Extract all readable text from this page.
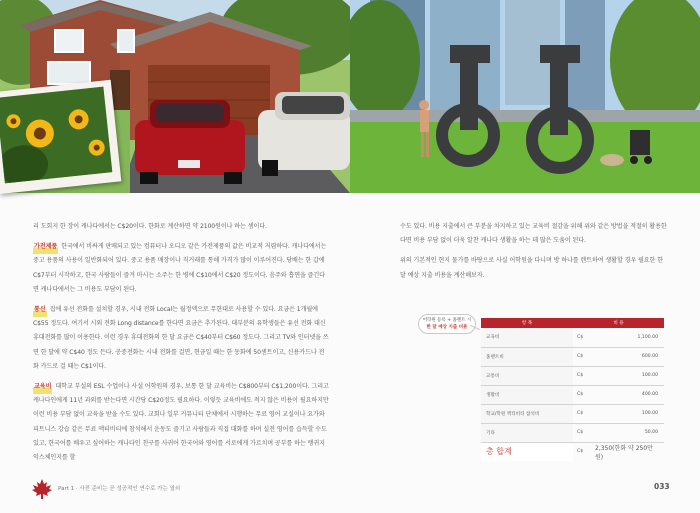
리 도회지 한 장이 캐나다에서는 C$20이다. 한화로 계산하면 약 2100원이나 하는 셈이다.

가전제품 한국에서 비싸게 판매되고 있는 컴퓨터나 오디오 같은 가전제품의 값은 비교적 저렴하다. 캐나다에서는 중고 용품의 사용이 일반화되어 있다. 중고 용품 매장이나 직거래를 통해 가격가 많이 이루어진다. 당배는 한 갑에 C$7부터 시작하고, 한국 사람들이 즐겨 마시는 소주는 한 병에 C$10에서 C$20 정도이다. 음주와 흡연을 즐긴다면 캐나다에서는 그 비용도 부담이 된다.

통신 집에 유선 전화를 설치할 경우, 시내 전화 Local는 월정액으로 무한대로 사용할 수 있다. 요금은 1개월에 C$55 정도다. 여기서 시외 전화 Long distance를 한다면 요금은 추가된다. 대부분의 유학생들은 유선 전화 대신 휴대전화를 많이 이용한다. 이런 경우 휴대전화의 한 달 요금은 C$40부터 C$60 정도다. 그리고 TV와 인터넷을 쓰면 한 달에 약 C$40 정도 든다. 공중전화는 시내 전화를 걸면, 현금일 때는 한 동화에 50센트이고, 신용카드나 전화 카드로 걸 때는 C$1이다.

교육비 대학교 부설의 ESL 수업이나 사설 어학원의 경우, 보통 한 달 교육비는 C$800부터 C$1,200이다. 그리고 캐나다인에게 11년 과외를 받는다면 시간당 C$20정도 필요하다. 이렇듯 교육비에도 적지 않은 비용이 필요하지만 이런 비용 부담 없이 교육을 받을 수도 있다. 교회나 일부 커뮤니티 단체에서 시행하는 무료 영어 교실이나 요가와 피트니스 강습 같은 무료 액티비티에 참석해서 운동도 즐기고 사람들과 직접 대화를 하며 실전 영어를 습득할 수도 있고, 한국어를 배우고 싶어하는 캐나다인 친구를 사귀어 한국어와 영어를 서로에게 가르치며 공부를 하는 랭귀지 익스체인지를 할

수도 있다. 비용 지출에서 큰 부분을 차지하고 있는 교육비 절감을 위해 위와 같은 방법을 적절히 활용한다면 비용 부담 없이 더욱 알찬 캐나다 생활을 하는 데 많은 도움이 된다.

위의 기본적인 현지 물가를 바탕으로 사실 어학원을 다니며 방 하나를 렌트하여 생활할 경우 필요한 한 달 예상 지출 비용을 계산해보자.

어학원 등록 + 홈렌트 시
한 달 예상 지출 비용
항 목	비 용	
교육비	C$	1,100.00
홈렌트비	C$	600.00
교통비	C$	100.00
생활비	C$	400.00
학교/학원 액티비티 참석비	C$	100.00
기타	C$	50.00
총 합계	C$	2,350(한화 약 250만원)
Part 1 · 사전 준비는 곧 성공적인 연수로 가는 열쇠	033
